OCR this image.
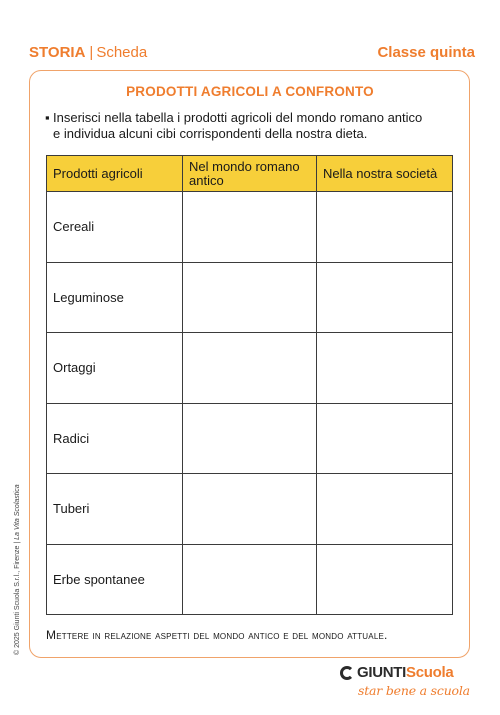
STORIA | Scheda	Classe quinta
PRODOTTI AGRICOLI A CONFRONTO
▪ Inserisci nella tabella i prodotti agricoli del mondo romano antico
e individua alcuni cibi corrispondenti della nostra dieta.
Prodotti agricoli	Nel mondo romano antico	Nella nostra società
Cereali		
Leguminose		
Ortaggi		
Radici		
Tuberi		
Erbe spontanee		
Mettere in relazione aspetti del mondo antico e del mondo attuale.
© 2025 Giunti Scuola S.r.l., Firenze | La Vita Scolastica
GIUNTI Scuola
star bene a scuola
